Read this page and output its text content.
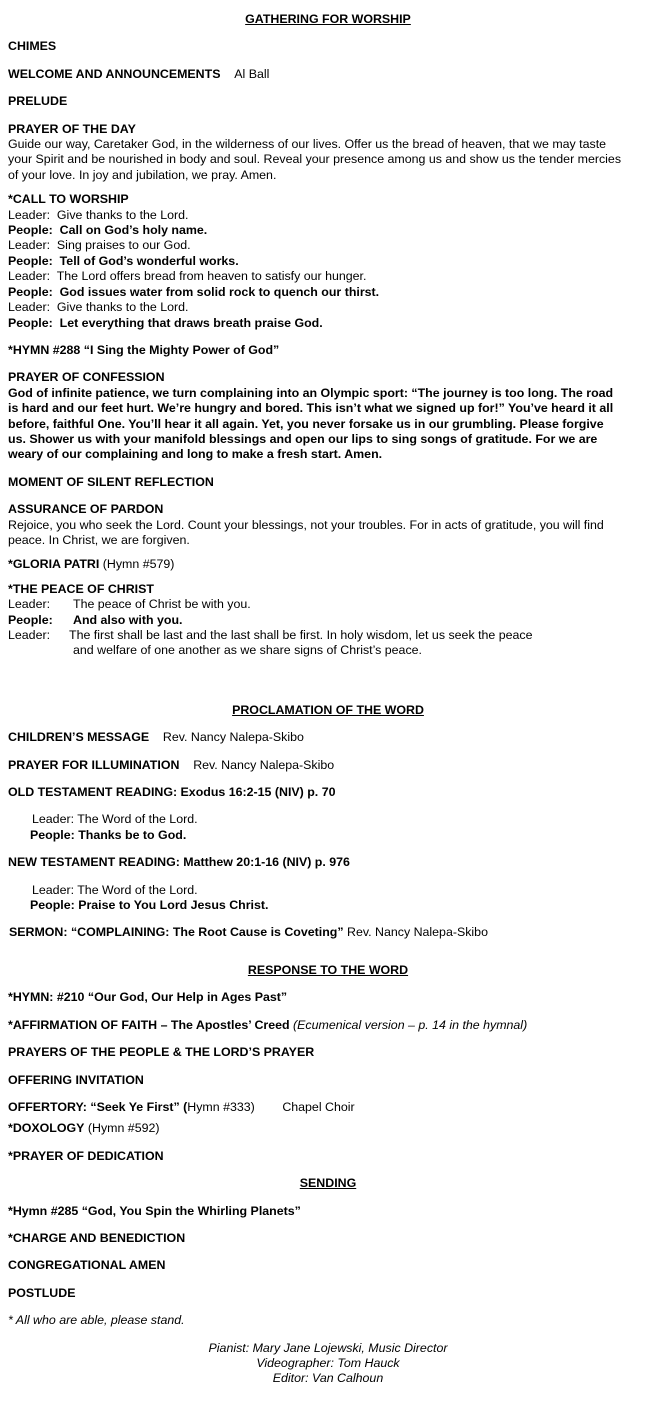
GATHERING FOR WORSHIP
CHIMES
WELCOME AND ANNOUNCEMENTS Al Ball
PRELUDE
PRAYER OF THE DAY
Guide our way, Caretaker God, in the wilderness of our lives. Offer us the bread of heaven, that we may taste
your Spirit and be nourished in body and soul. Reveal your presence among us and show us the tender mercies
of your love. In joy and jubilation, we pray. Amen.
*CALL TO WORSHIP
Leader: Give thanks to the Lord.
People: Call on God’s holy name.
Leader: Sing praises to our God.
People: Tell of God’s wonderful works.
Leader: The Lord offers bread from heaven to satisfy our hunger.
People: God issues water from solid rock to quench our thirst.
Leader: Give thanks to the Lord.
People: Let everything that draws breath praise God.
*HYMN #288 “I Sing the Mighty Power of God”
PRAYER OF CONFESSION
God of infinite patience, we turn complaining into an Olympic sport: “The journey is too long. The road
is hard and our feet hurt. We’re hungry and bored. This isn’t what we signed up for!” You’ve heard it all
before, faithful One. You’ll hear it all again. Yet, you never forsake us in our grumbling. Please forgive
us. Shower us with your manifold blessings and open our lips to sing songs of gratitude. For we are
weary of our complaining and long to make a fresh start. Amen.
MOMENT OF SILENT REFLECTION
ASSURANCE OF PARDON
Rejoice, you who seek the Lord. Count your blessings, not your troubles. For in acts of gratitude, you will find
peace. In Christ, we are forgiven.
*GLORIA PATRI (Hymn #579)
*THE PEACE OF CHRIST
Leader:	The peace of Christ be with you.
People:	And also with you.
Leader:	The first shall be last and the last shall be first. In holy wisdom, let us seek the peace
and welfare of one another as we share signs of Christ’s peace.
PROCLAMATION OF THE WORD
CHILDREN’S MESSAGE Rev. Nancy Nalepa-Skibo
PRAYER FOR ILLUMINATION Rev. Nancy Nalepa-Skibo
OLD TESTAMENT READING: Exodus 16:2-15 (NIV) p. 70
Leader: The Word of the Lord.
People: Thanks be to God.
NEW TESTAMENT READING: Matthew 20:1-16 (NIV) p. 976
Leader: The Word of the Lord.
People: Praise to You Lord Jesus Christ.
SERMON: “COMPLAINING: The Root Cause is Coveting” Rev. Nancy Nalepa-Skibo
RESPONSE TO THE WORD
*HYMN: #210 “Our God, Our Help in Ages Past”
*AFFIRMATION OF FAITH – The Apostles’ Creed (Ecumenical version – p. 14 in the hymnal)
PRAYERS OF THE PEOPLE & THE LORD’S PRAYER
OFFERING INVITATION
OFFERTORY: “Seek Ye First” (Hymn #333) Chapel Choir
*DOXOLOGY (Hymn #592)
*PRAYER OF DEDICATION
SENDING
*Hymn #285 “God, You Spin the Whirling Planets”
*CHARGE AND BENEDICTION
CONGREGATIONAL AMEN
POSTLUDE
* All who are able, please stand.
Pianist: Mary Jane Lojewski, Music Director
Videographer: Tom Hauck
Editor: Van Calhoun
